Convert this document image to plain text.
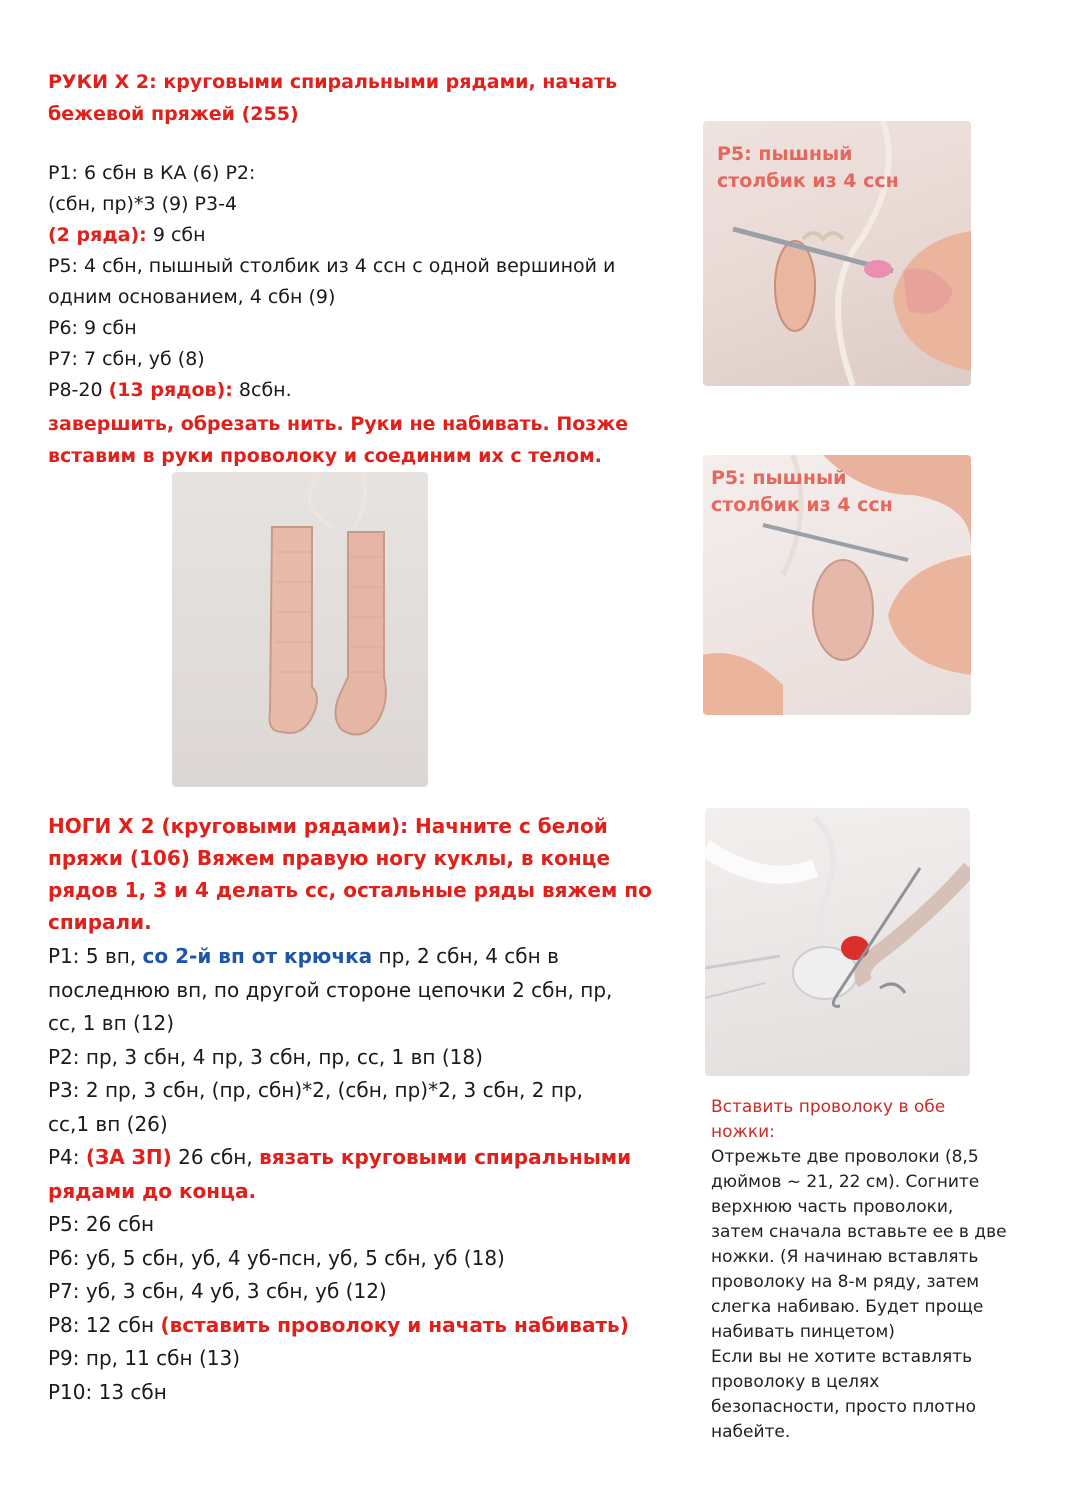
РУКИ Х 2: круговыми спиральными рядами, начать
бежевой пряжей (255)
Р1: 6 сбн в КА (6) Р2:
(сбн, пр)*3 (9) Р3-4
(2 ряда): 9 сбн
Р5: 4 сбн, пышный столбик из 4 ссн с одной вершиной и
одним основанием, 4 сбн (9)
Р6: 9 сбн
Р7: 7 сбн, уб (8)
Р8-20 (13 рядов): 8сбн.
завершить, обрезать нить. Руки не набивать. Позже
вставим в руки проволоку и соединим их с телом.
Р5: пышный
столбик из 4 ссн
Р5: пышный
столбик из 4 ссн
НОГИ Х 2 (круговыми рядами): Начните с белой
пряжи (106) Вяжем правую ногу куклы, в конце
рядов 1, 3 и 4 делать сс, остальные ряды вяжем по
спирали.
Р1: 5 вп, со 2-й вп от крючка пр, 2 сбн, 4 сбн в
последнюю вп, по другой стороне цепочки 2 сбн, пр,
сс, 1 вп (12)
Р2: пр, 3 сбн, 4 пр, 3 сбн, пр, сс, 1 вп (18)
Р3: 2 пр, 3 сбн, (пр, сбн)*2, (сбн, пр)*2, 3 сбн, 2 пр,
сс,1 вп (26)
Р4: (ЗА ЗП) 26 сбн, вязать круговыми спиральными
рядами до конца.
Р5: 26 сбн
Р6: уб, 5 сбн, уб, 4 уб-псн, уб, 5 сбн, уб (18)
Р7: уб, 3 сбн, 4 уб, 3 сбн, уб (12)
Р8: 12 сбн (вставить проволоку и начать набивать)
Р9: пр, 11 сбн (13)
Р10: 13 сбн
Вставить проволоку в обе
ножки:
Отрежьте две проволоки (8,5
дюймов ~ 21, 22 см). Согните
верхнюю часть проволоки,
затем сначала вставьте ее в две
ножки. (Я начинаю вставлять
проволоку на 8-м ряду, затем
слегка набиваю. Будет проще
набивать пинцетом)
Если вы не хотите вставлять
проволоку в целях
безопасности, просто плотно
набейте.
